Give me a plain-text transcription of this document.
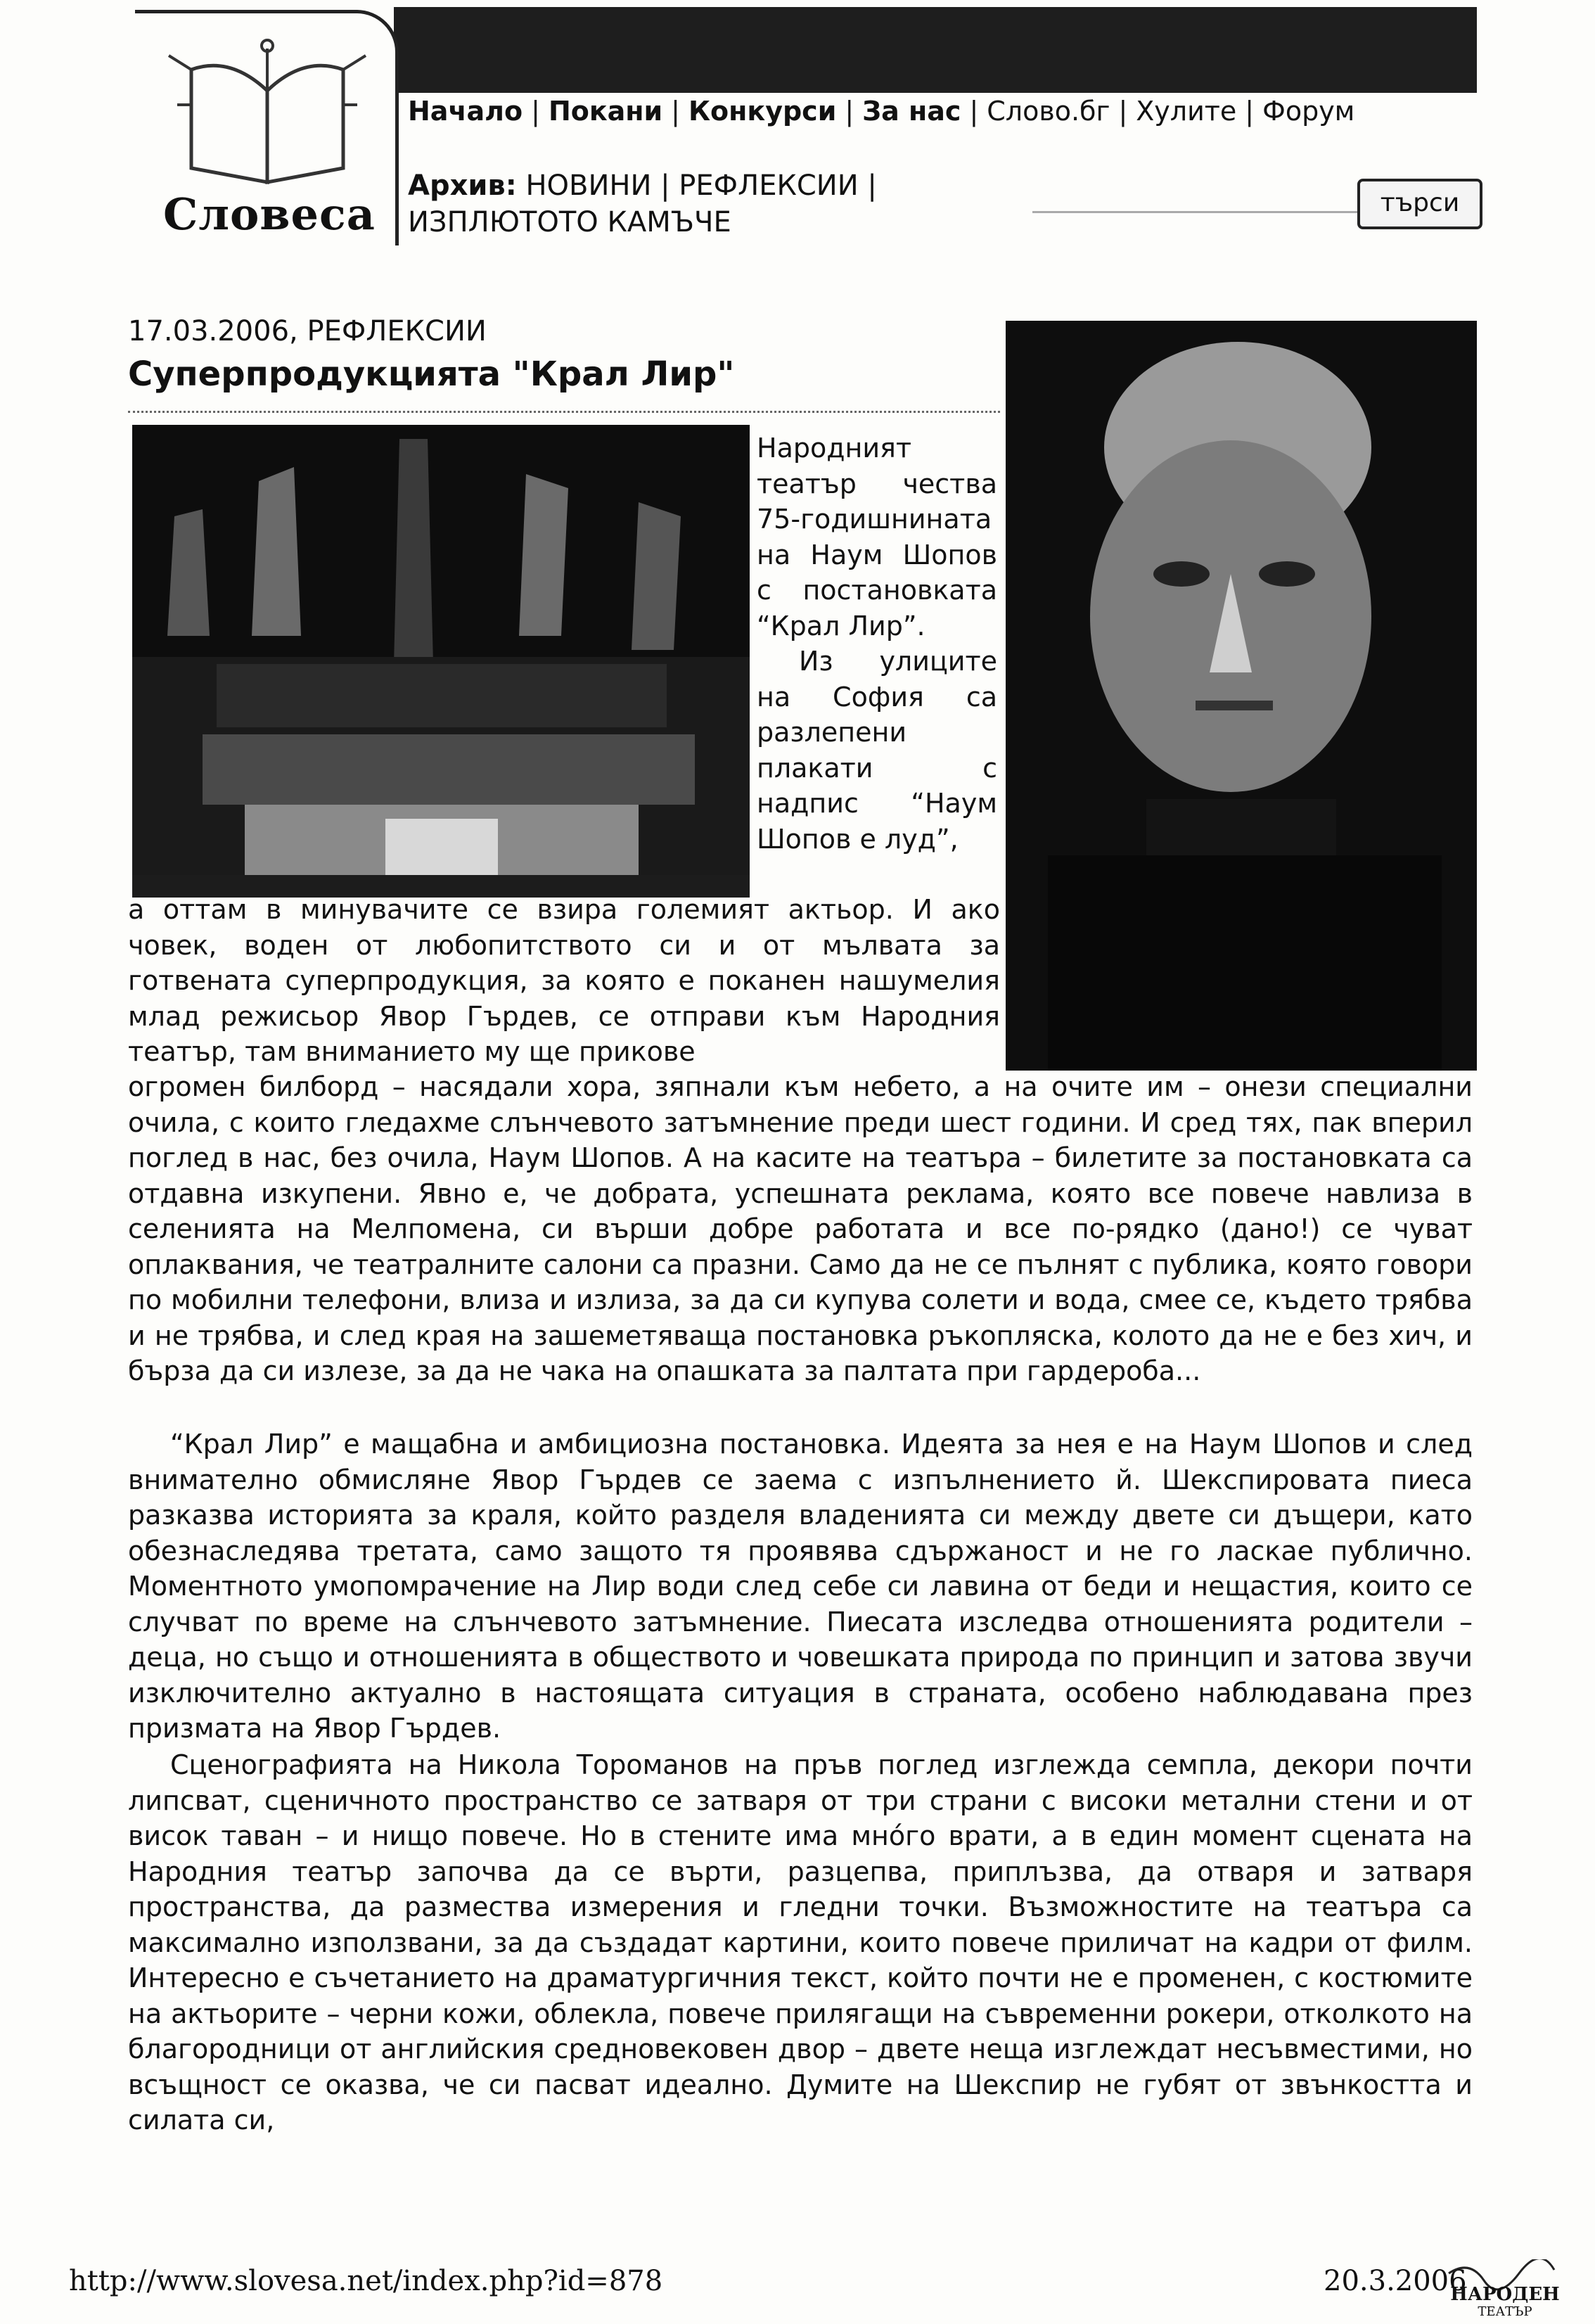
Словеса
Начало | Покани | Конкурси | За нас | Слово.бг | Хулите | Форум
Архив: НОВИНИ | РЕФЛЕКСИИ | ИЗПЛЮТОТО КАМЪЧЕ
търси
17.03.2006, РЕФЛЕКСИИ
Суперпродукцията "Крал Лир"

Народният театър чества 75-годишнината на Наум Шопов с постановката “Крал Лир”.

Из улиците на София са разлепени плакати с надпис “Наум Шопов е луд”,

а оттам в минувачите се взира големият актьор. И ако човек, воден от любопитството си и от мълвата за готвената суперпродукция, за която е поканен нашумелия млад режисьор Явор Гърдев, се отправи към Народния театър, там вниманието му ще прикове
огромен билборд – насядали хора, зяпнали към небето, а на очите им – онези специални очила, с които гледахме слънчевото затъмнение преди шест години. И сред тях, пак вперил поглед в нас, без очила, Наум Шопов. А на касите на театъра – билетите за постановката са отдавна изкупени. Явно е, че добрата, успешната реклама, която все повече навлиза в селенията на Мелпомена, си върши добре работата и все по-рядко (дано!) се чуват оплаквания, че театралните салони са празни. Само да не се пълнят с публика, която говори по мобилни телефони, влиза и излиза, за да си купува солети и вода, смее се, където трябва и не трябва, и след края на зашеметяваща постановка ръкопляска, колото да не е без хич, и бърза да си излезе, за да не чака на опашката за палтата при гардероба...
“Крал Лир” е мащабна и амбициозна постановка. Идеята за нея е на Наум Шопов и след внимателно обмисляне Явор Гърдев се заема с изпълнението й. Шекспировата пиеса разказва историята за краля, който разделя владенията си между двете си дъщери, като обезнаследява третата, само защото тя проявява сдържаност и не го ласкае публично. Моментното умопомрачение на Лир води след себе си лавина от беди и нещастия, които се случват по време на слънчевото затъмнение. Пиесата изследва отношенията родители – деца, но също и отношенията в обществото и човешката природа по принцип и затова звучи изключително актуално в настоящата ситуация в страната, особено наблюдавана през призмата на Явор Гърдев.
Сценографията на Никола Тороманов на пръв поглед изглежда семпла, декори почти липсват, сценичното пространство се затваря от три страни с високи метални стени и от висок таван – и нищо повече. Но в стените има мнóго врати, а в един момент сцената на Народния театър започва да се върти, разцепва, приплъзва, да отваря и затваря пространства, да размества измерения и гледни точки. Възможностите на театъра са максимално използвани, за да създадат картини, които повече приличат на кадри от филм. Интересно е съчетанието на драматургичния текст, който почти не е променен, с костюмите на актьорите – черни кожи, облекла, повече прилягащи на съвременни рокери, отколкото на благородници от английския средновековен двор – двете неща изглеждат несъвместими, но всъщност се оказва, че си пасват идеално. Думите на Шекспир не губят от звънкостта и силата си,
http://www.slovesa.net/index.php?id=878	20.3.2006
НАРОДЕН
ТЕАТЪР
